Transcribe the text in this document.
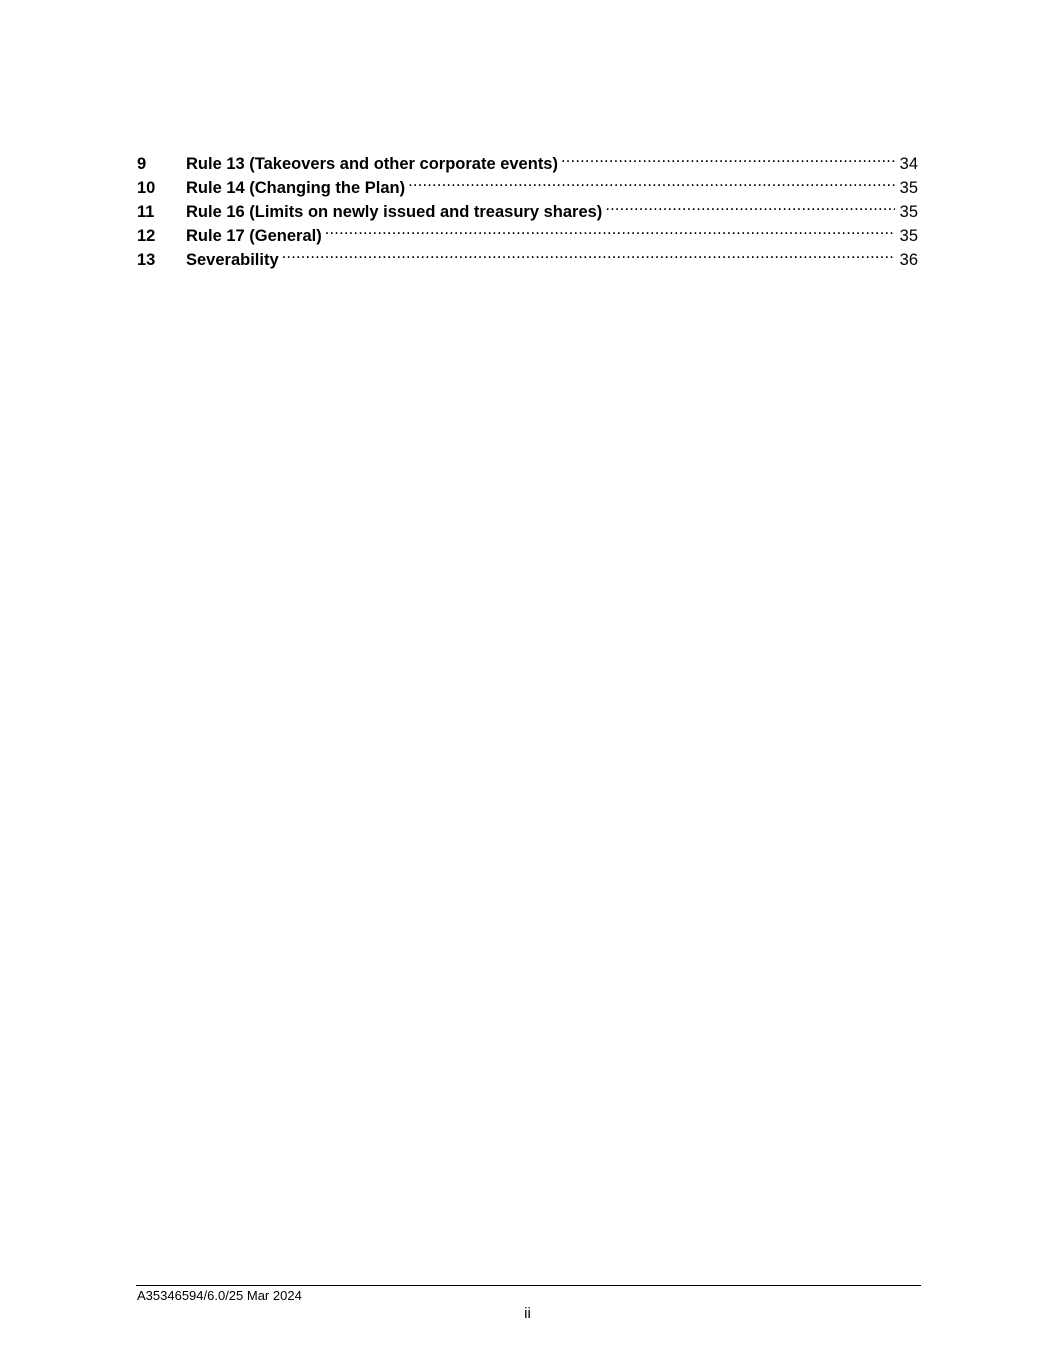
9	Rule 13 (Takeovers and other corporate events) .....	34
10	Rule 14 (Changing the Plan) .....	35
11	Rule 16 (Limits on newly issued and treasury shares) .....	35
12	Rule 17 (General) .....	35
13	Severability .....	36
A35346594/6.0/25 Mar 2024
ii
